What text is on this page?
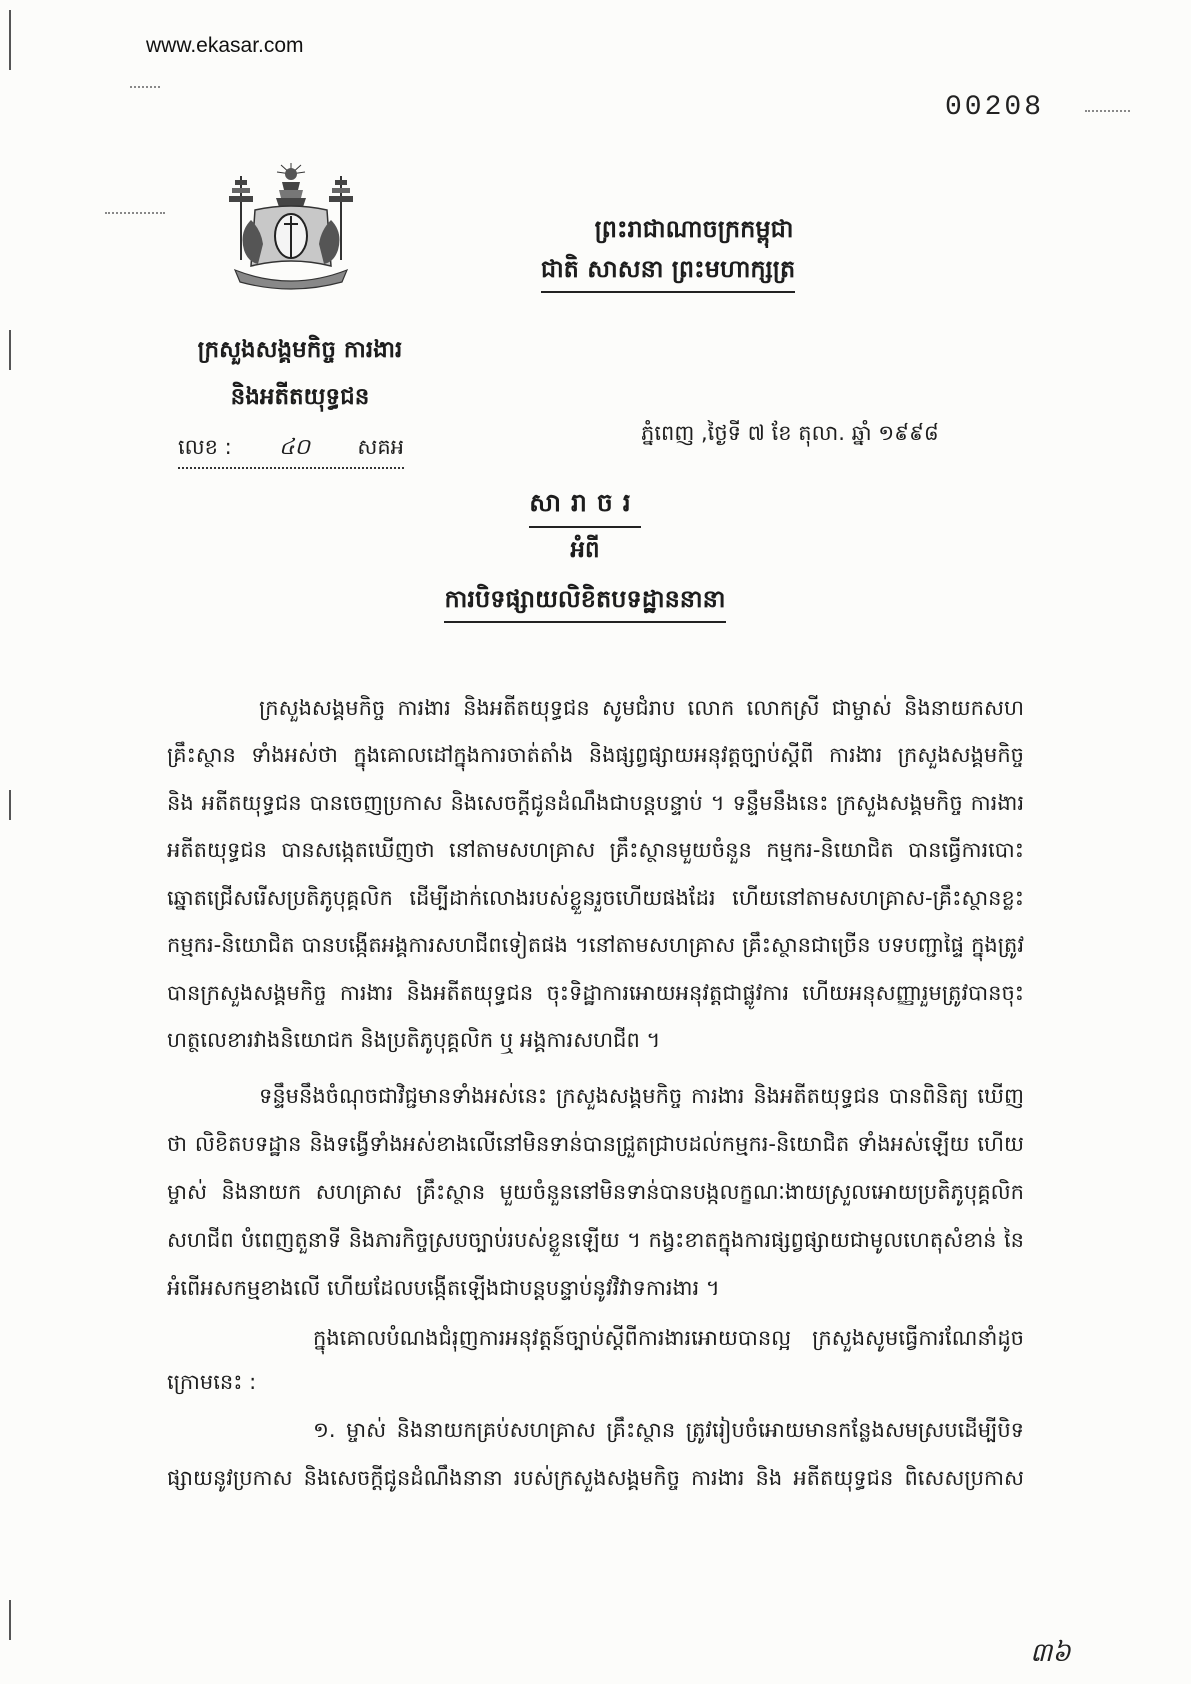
www.ekasar.com
00208
ព្រះរាជាណាចក្រកម្ពុជា
ជាតិ សាសនា ព្រះមហាក្សត្រ
ក្រសួងសង្គមកិច្ច ការងារ
និងអតីតយុទ្ធជន
លេខ : ៤០ សគអ
ភ្នំពេញ ,ថ្ងៃទី ៧ ខែ តុលា. ឆ្នាំ ១៩៩៨
សារាចរ
អំពី
ការបិទផ្សាយលិខិតបទដ្ឋាននានា
ក្រសួងសង្គមកិច្ច ការងារ និងអតីតយុទ្ធជន សូមជំរាប លោក លោកស្រី ជាម្ចាស់ និងនាយកសហ
គ្រឹះស្ថាន ទាំងអស់ថា ក្នុងគោលដៅក្នុងការចាត់តាំង និងផ្សព្វផ្សាយអនុវត្តច្បាប់ស្តីពី ការងារ ក្រសួងសង្គមកិច្ច
និង អតីតយុទ្ធជន បានចេញប្រកាស និងសេចក្តីជូនដំណឹងជាបន្តបន្ទាប់ ។ ទន្ទឹមនឹងនេះ ក្រសួងសង្គមកិច្ច ការងារ
អតីតយុទ្ធជន បានសង្កេតឃើញថា នៅតាមសហគ្រាស គ្រឹះស្ថានមួយចំនួន កម្មករ-និយោជិត បានធ្វើការបោះ
ឆ្នោតជ្រើសរើសប្រតិភូបុគ្គលិក ដើម្បីដាក់លោងរបស់ខ្លួនរួចហើយផងដែរ ហើយនៅតាមសហគ្រាស-គ្រឹះស្ថានខ្លះ
កម្មករ-និយោជិត បានបង្កើតអង្គការសហជីពទៀតផង ។នៅតាមសហគ្រាស គ្រឹះស្ថានជាច្រើន បទបញ្ជាផ្ទៃ ក្នុងត្រូវ
បានក្រសួងសង្គមកិច្ច ការងារ និងអតីតយុទ្ធជន ចុះទិដ្ឋាការអោយអនុវត្តជាផ្លូវការ ហើយអនុសញ្ញារួមត្រូវបានចុះ
ហត្ថលេខារវាងនិយោជក និងប្រតិភូបុគ្គលិក ឬ អង្គការសហជីព ។
ទន្ទឹមនឹងចំណុចជាវិជ្ជមានទាំងអស់នេះ ក្រសួងសង្គមកិច្ច ការងារ និងអតីតយុទ្ធជន បានពិនិត្យ ឃើញ
ថា លិខិតបទដ្ឋាន និងទង្វើទាំងអស់ខាងលើនៅមិនទាន់បានជ្រួតជ្រាបដល់កម្មករ-និយោជិត ទាំងអស់ឡើយ ហើយ
ម្ចាស់ និងនាយក សហគ្រាស គ្រឹះស្ថាន មួយចំនួននៅមិនទាន់បានបង្កលក្ខណៈងាយស្រួលអោយប្រតិភូបុគ្គលិក
សហជីព បំពេញតួនាទី និងភារកិច្ចស្របច្បាប់របស់ខ្លួនឡើយ ។ កង្វះខាតក្នុងការផ្សព្វផ្សាយជាមូលហេតុសំខាន់ នៃ
អំពើអសកម្មខាងលើ ហើយដែលបង្កើតឡើងជាបន្តបន្ទាប់នូវវិវាទការងារ ។
ក្នុងគោលបំណងជំរុញការអនុវត្តន៍ច្បាប់ស្តីពីការងារអោយបានល្អ ក្រសួងសូមធ្វើការណែនាំដូច
ក្រោមនេះ :
១. ម្ចាស់ និងនាយកគ្រប់សហគ្រាស គ្រឹះស្ថាន ត្រូវរៀបចំអោយមានកន្លែងសមស្របដើម្បីបិទ
ផ្សាយនូវប្រកាស និងសេចក្តីជូនដំណឹងនានា របស់ក្រសួងសង្គមកិច្ច ការងារ និង អតីតយុទ្ធជន ពិសេសប្រកាស
៣៦
